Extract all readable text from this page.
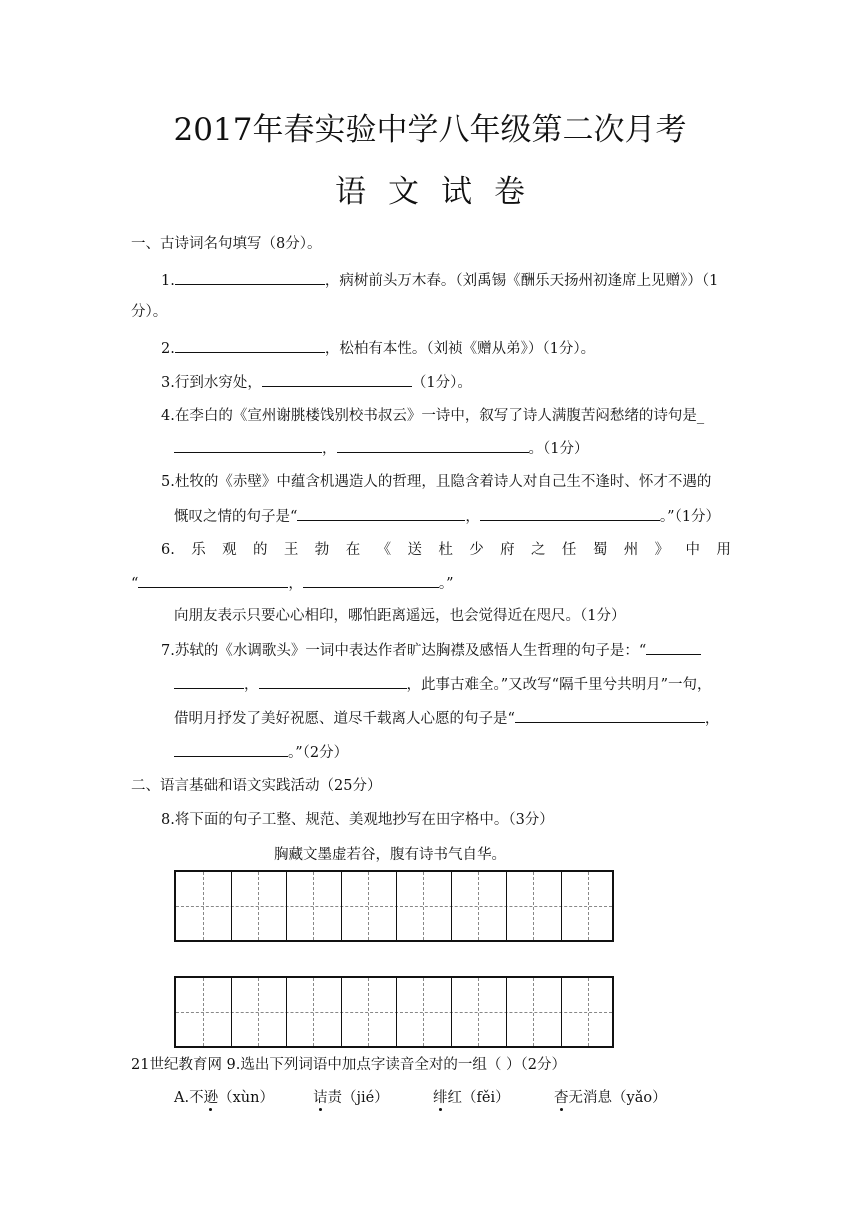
2017年春实验中学八年级第二次月考
语文试卷
一、古诗词名句填写（8分）。
1.	，病树前头万木春。（刘禹锡《酬乐天扬州初逢席上见赠》）（1
分）。
2.	，松柏有本性。（刘祯《赠从弟》）（1分）。
3.行到水穷处，	（1分）。
4.在李白的《宣州谢朓楼饯别校书叔云》一诗中，叙写了诗人满腹苦闷愁绪的诗句是_
，	。（1分）
5.杜牧的《赤壁》中蕴含机遇造人的哲理，且隐含着诗人对自己生不逢时、怀才不遇的
慨叹之情的句子是“	，	。”（1分）
6. 乐 观 的 王 勃 在 《 送 杜 少 府 之 任 蜀 州 》 中 用
“	，	。”
向朋友表示只要心心相印，哪怕距离遥远，也会觉得近在咫尺。（1分）
7.苏轼的《水调歌头》一词中表达作者旷达胸襟及感悟人生哲理的句子是：“
，	，此事古难全。”又改写“隔千里兮共明月”一句，
借明月抒发了美好祝愿、道尽千载离人心愿的句子是“	，
。”（2分）
二、语言基础和语文实践活动（25分）
8.将下面的句子工整、规范、美观地抄写在田字格中。（3分）
胸藏文墨虚若谷，腹有诗书气自华。
21世纪教育网 9.选出下列词语中加点字读音全对的一组（ ）（2分）
A.不逊（xùn）	诘责（jié）	绯红（fěi）	杳无消息（yǎo）
